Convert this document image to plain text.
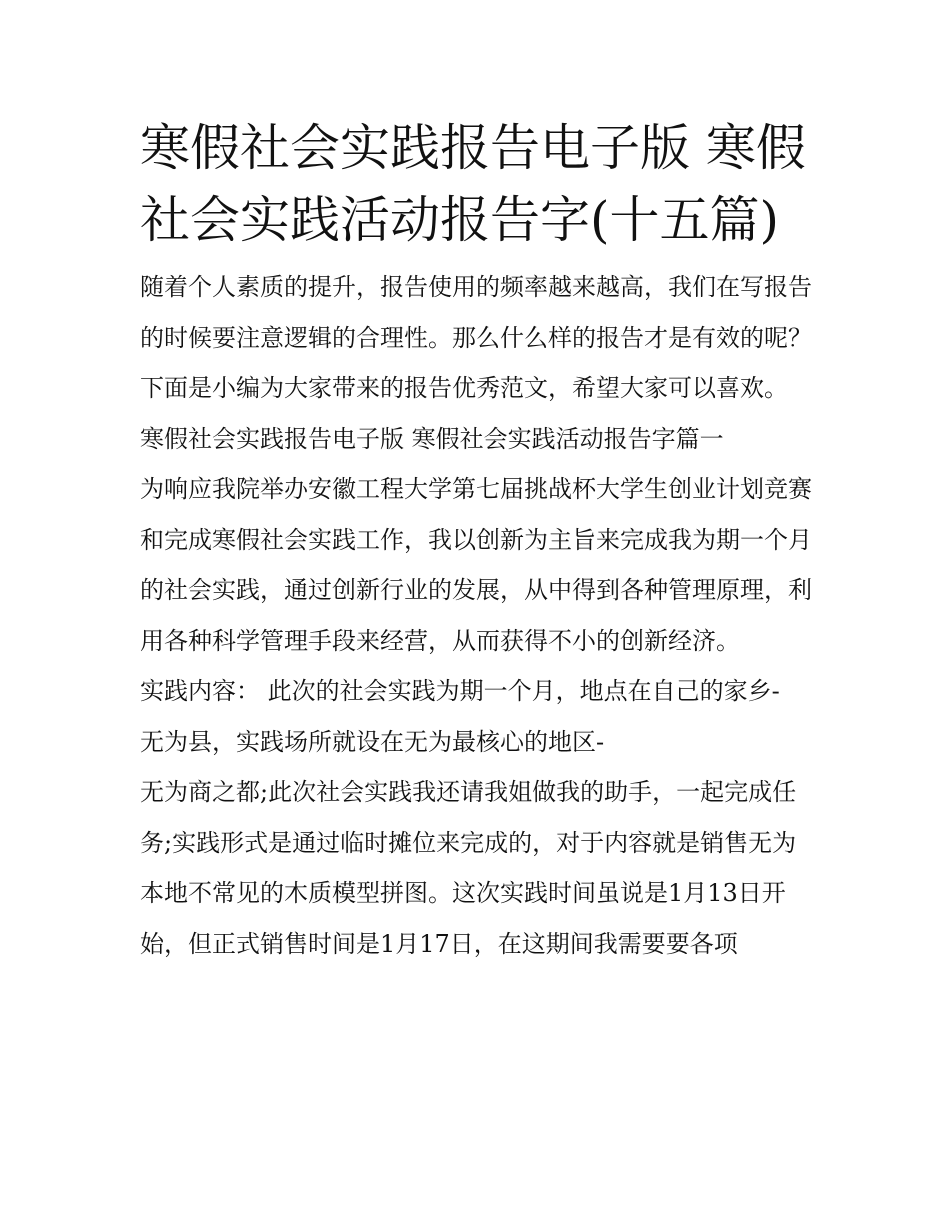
寒假社会实践报告电子版 寒假社会实践活动报告字(十五篇)

随着个人素质的提升，报告使用的频率越来越高，我们在写报告的时候要注意逻辑的合理性。那么什么样的报告才是有效的呢？下面是小编为大家带来的报告优秀范文，希望大家可以喜欢。

寒假社会实践报告电子版 寒假社会实践活动报告字篇一

为响应我院举办安徽工程大学第七届挑战杯大学生创业计划竞赛和完成寒假社会实践工作，我以创新为主旨来完成我为期一个月的社会实践，通过创新行业的发展，从中得到各种管理原理，利用各种科学管理手段来经营，从而获得不小的创新经济。

实践内容： 此次的社会实践为期一个月，地点在自己的家乡-

无为县，实践场所就设在无为最核心的地区-

无为商之都;此次社会实践我还请我姐做我的助手，一起完成任务;实践形式是通过临时摊位来完成的，对于内容就是销售无为本地不常见的木质模型拼图。这次实践时间虽说是1月13日开始，但正式销售时间是1月17日，在这期间我需要要各项
